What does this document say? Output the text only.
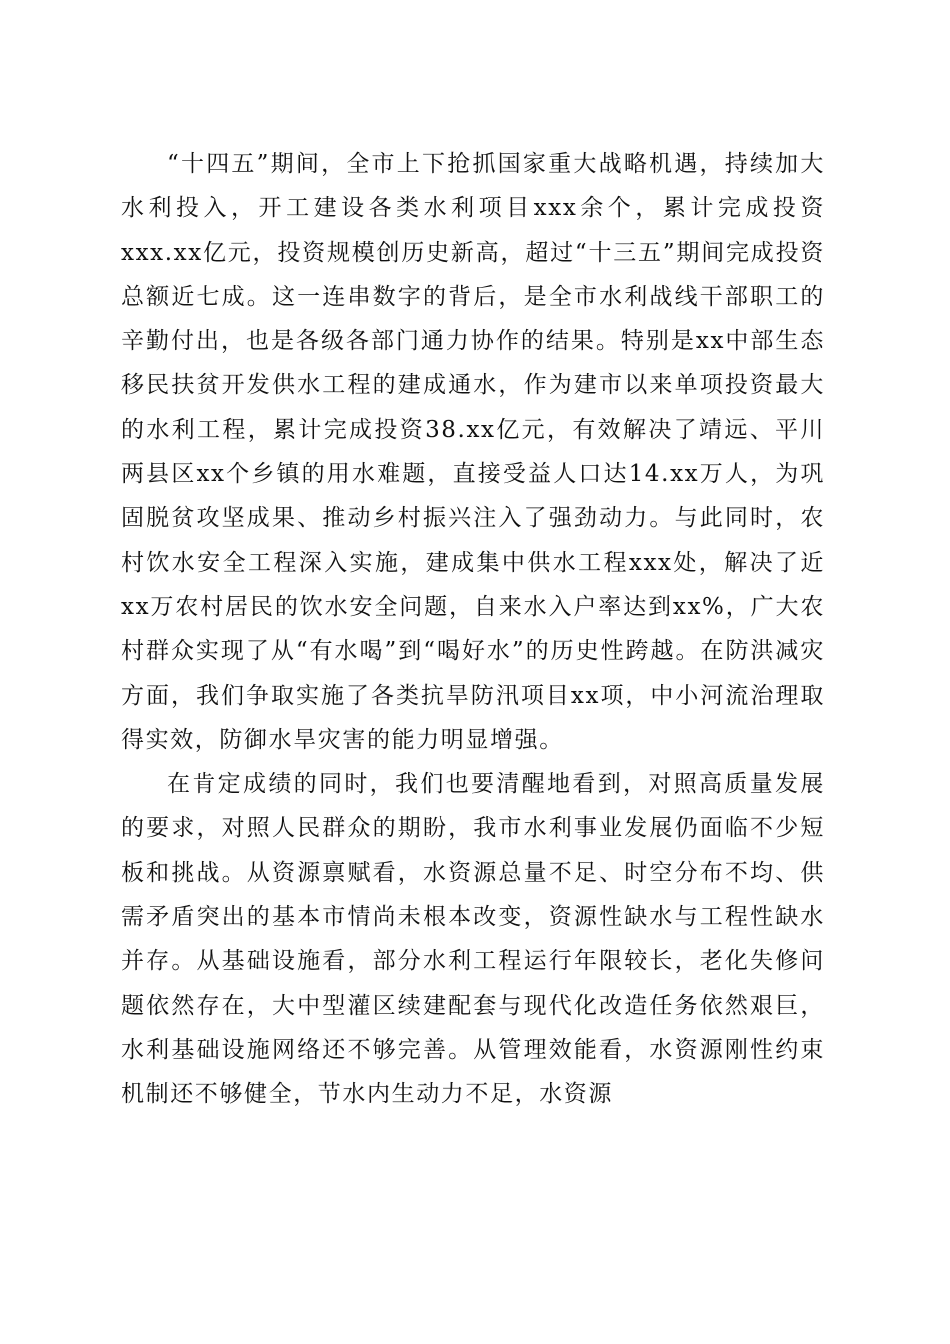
“十四五”期间，全市上下抢抓国家重大战略机遇，持续加大水利投入，开工建设各类水利项目xxx余个，累计完成投资xxx.xx亿元，投资规模创历史新高，超过“十三五”期间完成投资总额近七成。这一连串数字的背后，是全市水利战线干部职工的辛勤付出，也是各级各部门通力协作的结果。特别是xx中部生态移民扶贫开发供水工程的建成通水，作为建市以来单项投资最大的水利工程，累计完成投资38.xx亿元，有效解决了靖远、平川两县区xx个乡镇的用水难题，直接受益人口达14.xx万人，为巩固脱贫攻坚成果、推动乡村振兴注入了强劲动力。与此同时，农村饮水安全工程深入实施，建成集中供水工程xxx处，解决了近xx万农村居民的饮水安全问题，自来水入户率达到xx%，广大农村群众实现了从“有水喝”到“喝好水”的历史性跨越。在防洪减灾方面，我们争取实施了各类抗旱防汛项目xx项，中小河流治理取得实效，防御水旱灾害的能力明显增强。

在肯定成绩的同时，我们也要清醒地看到，对照高质量发展的要求，对照人民群众的期盼，我市水利事业发展仍面临不少短板和挑战。从资源禀赋看，水资源总量不足、时空分布不均、供需矛盾突出的基本市情尚未根本改变，资源性缺水与工程性缺水并存。从基础设施看，部分水利工程运行年限较长，老化失修问题依然存在，大中型灌区续建配套与现代化改造任务依然艰巨，水利基础设施网络还不够完善。从管理效能看，水资源刚性约束机制还不够健全，节水内生动力不足，水资源
